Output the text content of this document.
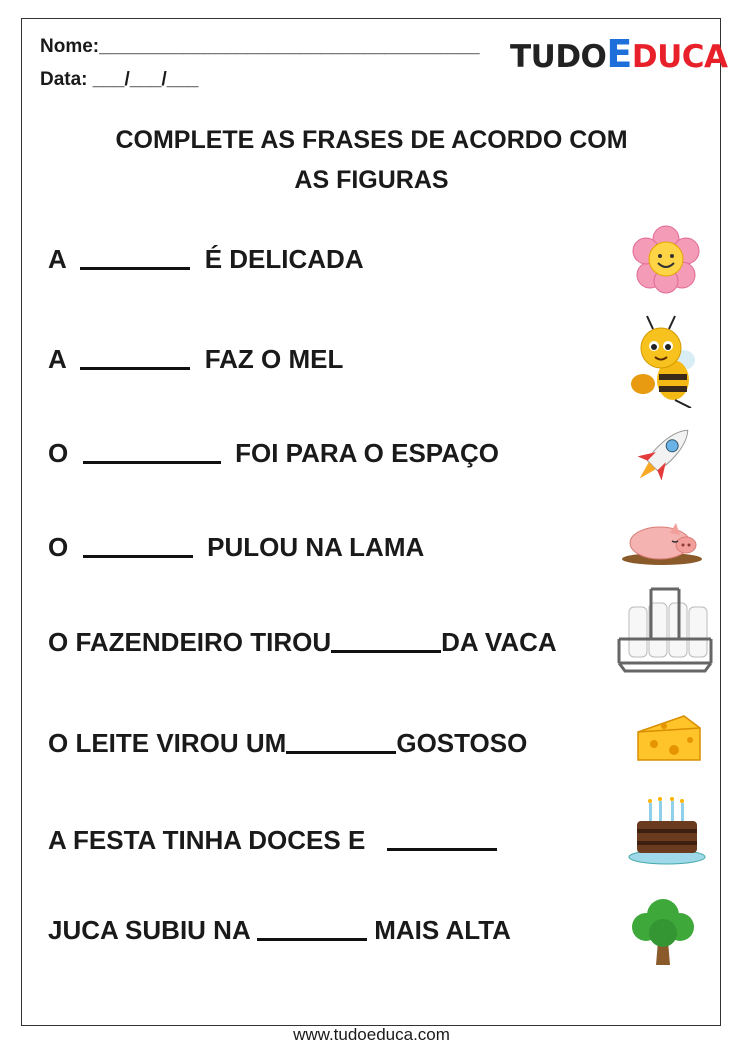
Nome:____________________________________
Data: ___/___/___
TUDOEDUCA
COMPLETE AS FRASES DE ACORDO COM
AS FIGURAS
A	É DELICADA
A	FAZ O MEL
O	FOI PARA O ESPAÇO
O	PULOU NA LAMA
O FAZENDEIRO TIROU	DA VACA
O LEITE VIROU UM	GOSTOSO
A FESTA TINHA DOCES E
JUCA SUBIU NA	MAIS ALTA
www.tudoeduca.com
